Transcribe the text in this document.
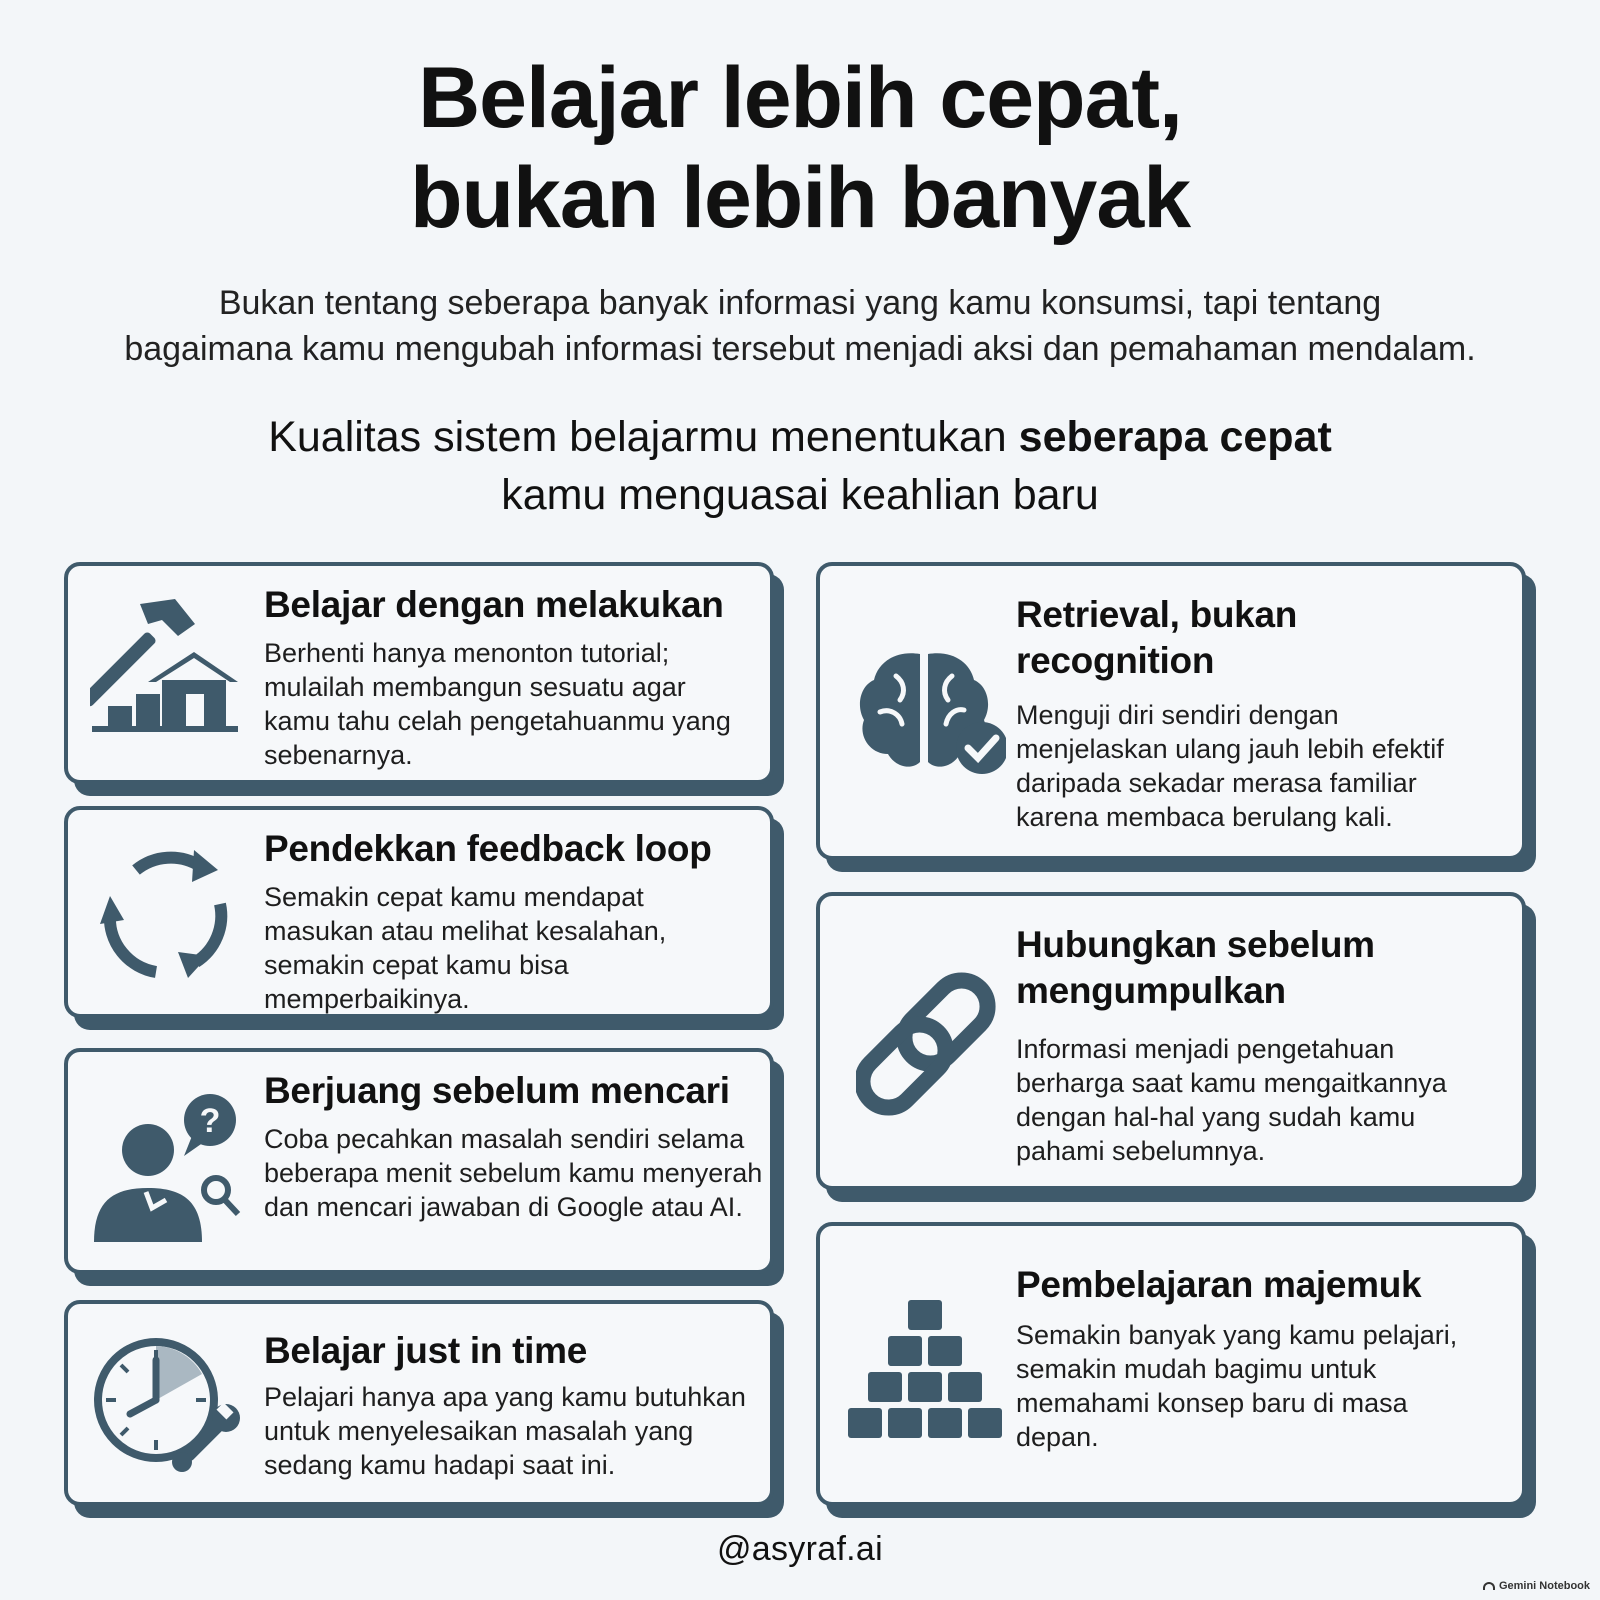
Belajar lebih cepat,
bukan lebih banyak
Bukan tentang seberapa banyak informasi yang kamu konsumsi, tapi tentang
bagaimana kamu mengubah informasi tersebut menjadi aksi dan pemahaman mendalam.
Kualitas sistem belajarmu menentukan seberapa cepat
kamu menguasai keahlian baru
Belajar dengan melakukan

Berhenti hanya menonton tutorial; mulailah membangun sesuatu agar kamu tahu celah pengetahuanmu yang sebenarnya.

Pendekkan feedback loop

Semakin cepat kamu mendapat masukan atau melihat kesalahan, semakin cepat kamu bisa memperbaikinya.

?
Berjuang sebelum mencari

Coba pecahkan masalah sendiri selama beberapa menit sebelum kamu menyerah dan mencari jawaban di Google atau AI.

Belajar just in time

Pelajari hanya apa yang kamu butuhkan untuk menyelesaikan masalah yang sedang kamu hadapi saat ini.

Retrieval, bukan recognition

Menguji diri sendiri dengan menjelaskan ulang jauh lebih efektif daripada sekadar merasa familiar karena membaca berulang kali.

Hubungkan sebelum mengumpulkan

Informasi menjadi pengetahuan berharga saat kamu mengaitkannya dengan hal-hal yang sudah kamu pahami sebelumnya.

Pembelajaran majemuk

Semakin banyak yang kamu pelajari, semakin mudah bagimu untuk memahami konsep baru di masa depan.

@asyraf.ai
Gemini Notebook
